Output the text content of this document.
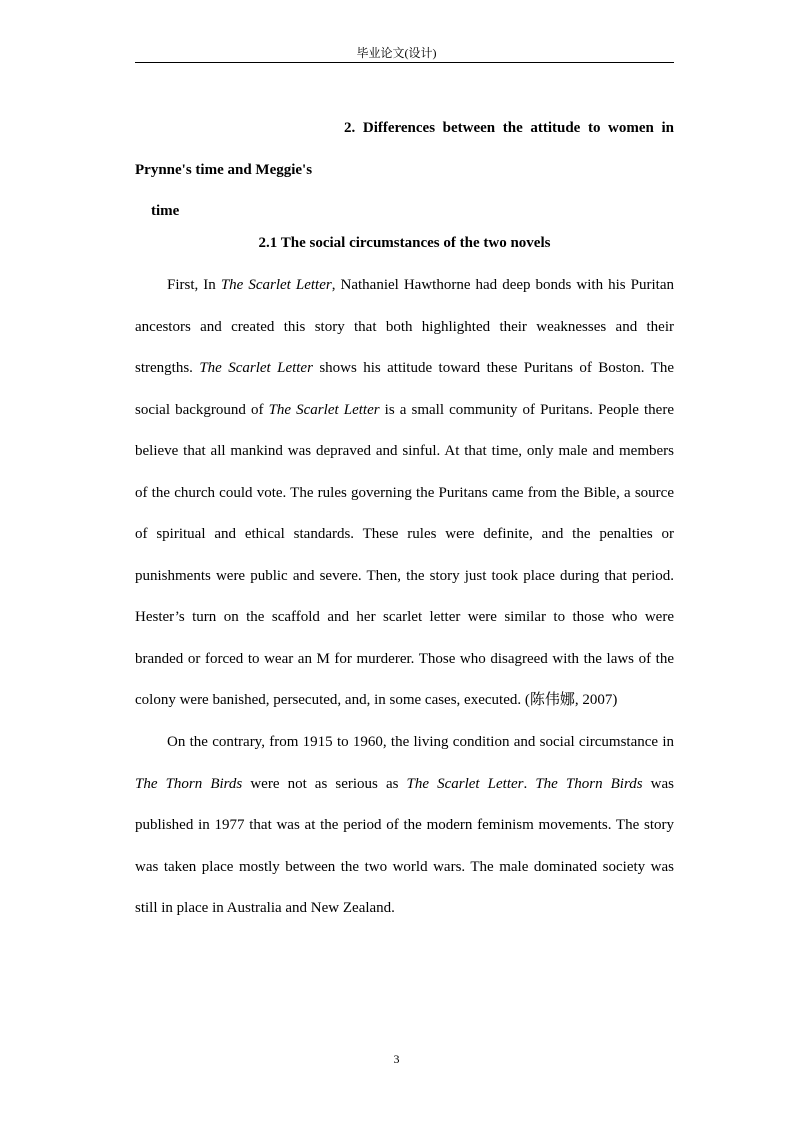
毕业论文(设计)
2. Differences between the attitude to women in
Prynne's time and Meggie's
time
2.1 The social circumstances of the two novels

First, In The Scarlet Letter, Nathaniel Hawthorne had deep bonds with his Puritan ancestors and created this story that both highlighted their weaknesses and their strengths. The Scarlet Letter shows his attitude toward these Puritans of Boston. The social background of The Scarlet Letter is a small community of Puritans. People there believe that all mankind was depraved and sinful. At that time, only male and members of the church could vote. The rules governing the Puritans came from the Bible, a source of spiritual and ethical standards. These rules were definite, and the penalties or punishments were public and severe. Then, the story just took place during that period. Hester’s turn on the scaffold and her scarlet letter were similar to those who were branded or forced to wear an M for murderer. Those who disagreed with the laws of the colony were banished, persecuted, and, in some cases, executed. (陈伟娜, 2007)

On the contrary, from 1915 to 1960, the living condition and social circumstance in The Thorn Birds were not as serious as The Scarlet Letter. The Thorn Birds was published in 1977 that was at the period of the modern feminism movements. The story was taken place mostly between the two world wars. The male dominated society was still in place in Australia and New Zealand.

3
